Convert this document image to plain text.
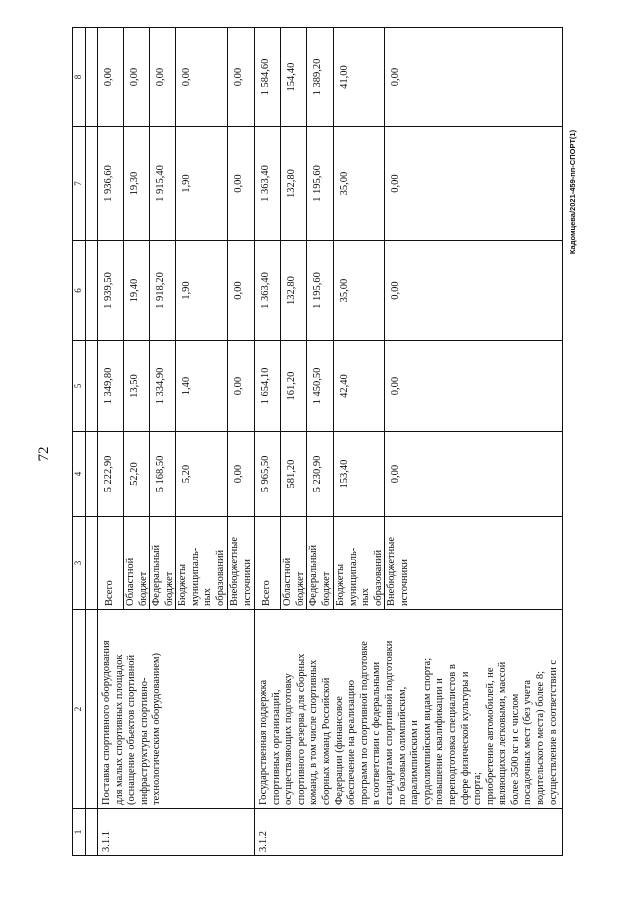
72
1
2
3
4
5
6
7
8
3.1.1
Поставка спортивного оборудования
для малых спортивных площадок
(оснащение объектов спортивной
инфраструктуры спортивно-
технологическим оборудованием)
Всего
5 222,90
1 349,80
1 939,50
1 936,60
0,00
Областной
бюджет
52,20
13,50
19,40
19,30
0,00
Федеральный
бюджет
5 168,50
1 334,90
1 918,20
1 915,40
0,00
Бюджеты
муниципаль-
ных
образований
5,20
1,40
1,90
1,90
0,00
Внебюджетные
источники
0,00
0,00
0,00
0,00
0,00
3.1.2
Государственная поддержка
спортивных организаций,
осуществляющих подготовку
спортивного резерва для сборных
команд, в том числе спортивных
сборных команд Российской
Федерации (финансовое
обеспечение на реализацию
программ по спортивной подготовке
в соответствии с федеральными
стандартами спортивной подготовки
по базовым олимпийским,
паралимпийским и
сурдолимпийским видам спорта;
повышение квалификации и
переподготовка специалистов в
сфере физической культуры и
спорта;
приобретение автомобилей, не
являющихся легковыми, массой
более 3500 кг и с числом
посадочных мест (без учета
водительского места) более 8;
осуществление в соответствии с
Всего
5 965,50
1 654,10
1 363,40
1 363,40
1 584,60
Областной
бюджет
581,20
161,20
132,80
132,80
154,40
Федеральный
бюджет
5 230,90
1 450,50
1 195,60
1 195,60
1 389,20
Бюджеты
муниципаль-
ных
образований
153,40
42,40
35,00
35,00
41,00
Внебюджетные
источники
0,00
0,00
0,00
0,00
0,00
Кадомцева/2021-459-пп-СПОРТ(1)
